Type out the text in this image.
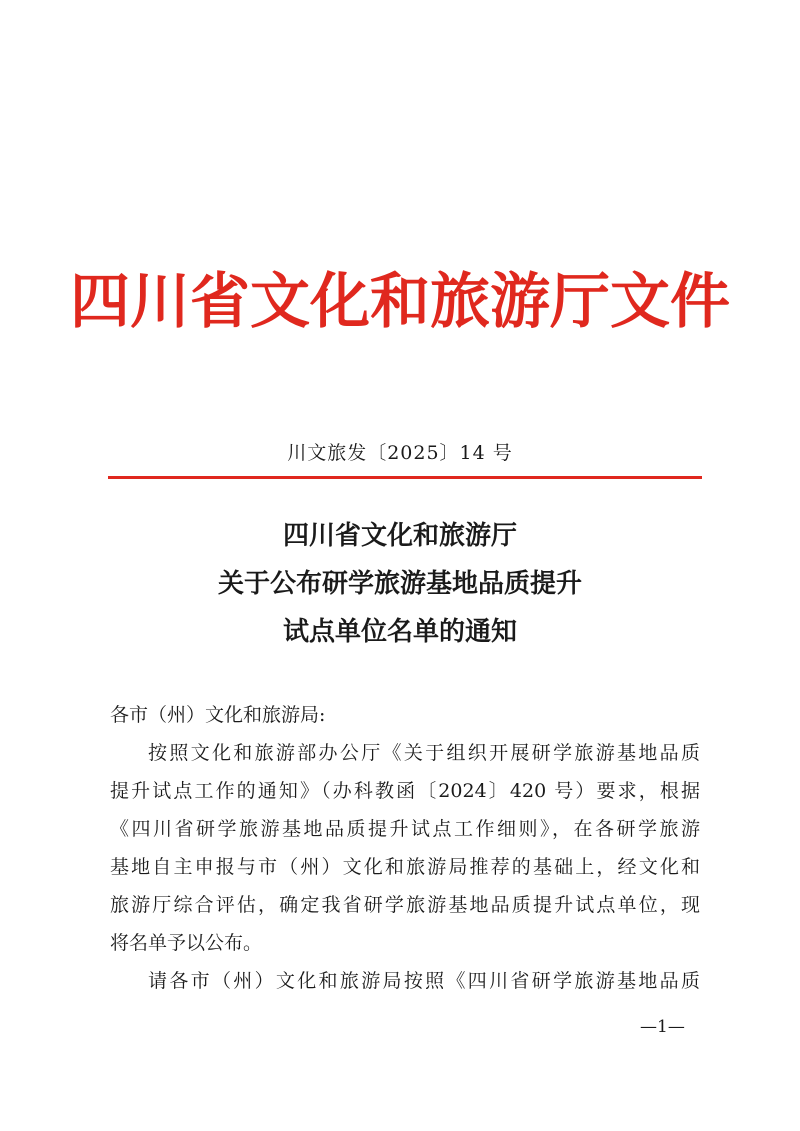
四川省文化和旅游厅文件
川文旅发〔2025〕14 号
四川省文化和旅游厅
关于公布研学旅游基地品质提升
试点单位名单的通知
各市（州）文化和旅游局:
按照文化和旅游部办公厅《关于组织开展研学旅游基地品质
提升试点工作的通知》（办科教函〔2024〕420 号）要求，根据
《四川省研学旅游基地品质提升试点工作细则》，在各研学旅游
基地自主申报与市（州）文化和旅游局推荐的基础上，经文化和
旅游厅综合评估，确定我省研学旅游基地品质提升试点单位，现
将名单予以公布。
请各市（州）文化和旅游局按照《四川省研学旅游基地品质
—1—
